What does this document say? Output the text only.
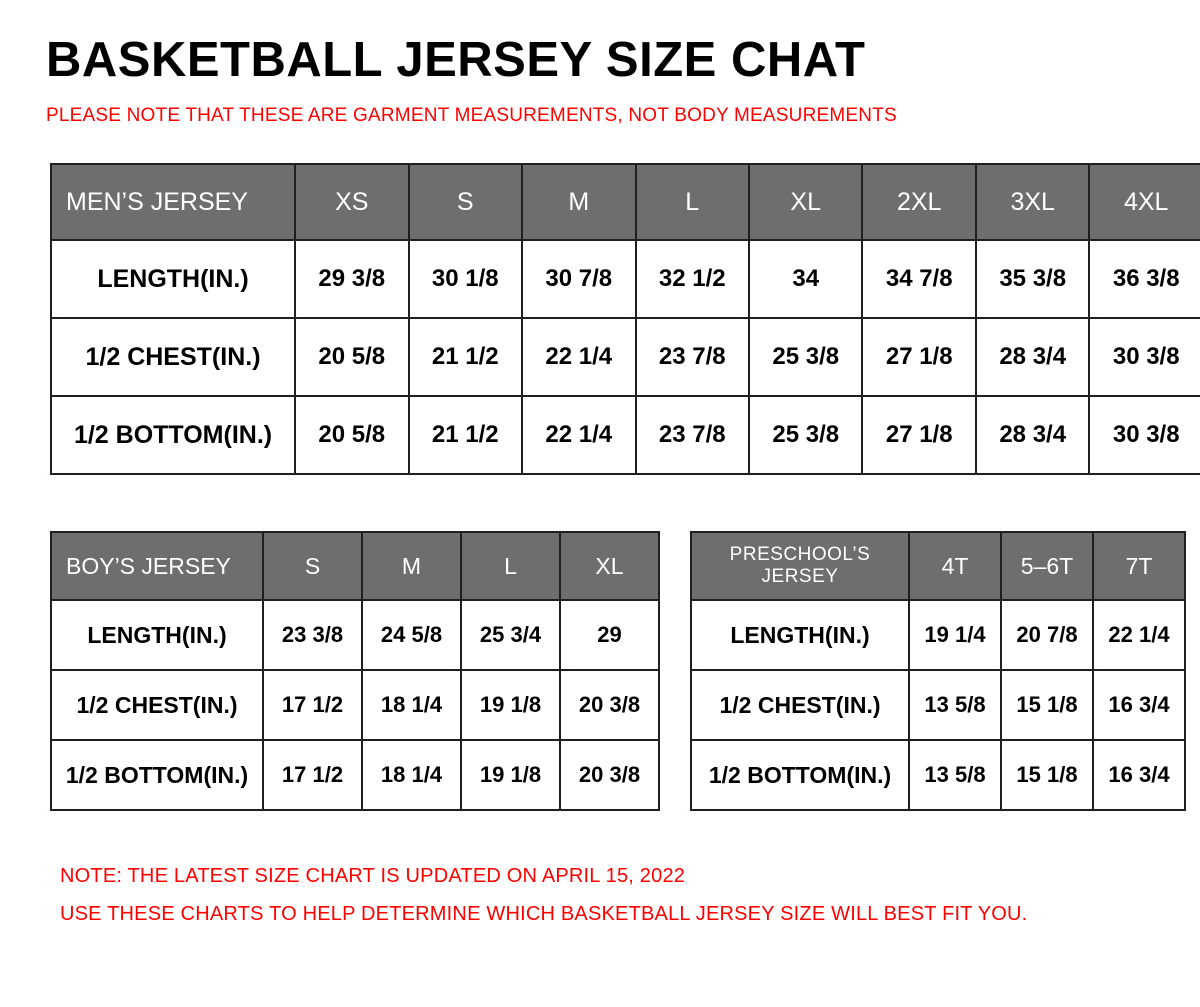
BASKETBALL JERSEY SIZE CHAT
PLEASE NOTE THAT THESE ARE GARMENT MEASUREMENTS, NOT BODY MEASUREMENTS
MEN’S JERSEY	XS	S	M	L	XL	2XL	3XL	4XL
LENGTH(IN.)	29 3/8	30 1/8	30 7/8	32 1/2	34	34 7/8	35 3/8	36 3/8
1/2 CHEST(IN.)	20 5/8	21 1/2	22 1/4	23 7/8	25 3/8	27 1/8	28 3/4	30 3/8
1/2 BOTTOM(IN.)	20 5/8	21 1/2	22 1/4	23 7/8	25 3/8	27 1/8	28 3/4	30 3/8
BOY’S JERSEY	S	M	L	XL
LENGTH(IN.)	23 3/8	24 5/8	25 3/4	29
1/2 CHEST(IN.)	17 1/2	18 1/4	19 1/8	20 3/8
1/2 BOTTOM(IN.)	17 1/2	18 1/4	19 1/8	20 3/8
PRESCHOOL’S JERSEY	4T	5–6T	7T
LENGTH(IN.)	19 1/4	20 7/8	22 1/4
1/2 CHEST(IN.)	13 5/8	15 1/8	16 3/4
1/2 BOTTOM(IN.)	13 5/8	15 1/8	16 3/4
NOTE: THE LATEST SIZE CHART IS UPDATED ON APRIL 15, 2022
USE THESE CHARTS TO HELP DETERMINE WHICH BASKETBALL JERSEY SIZE WILL BEST FIT YOU.
